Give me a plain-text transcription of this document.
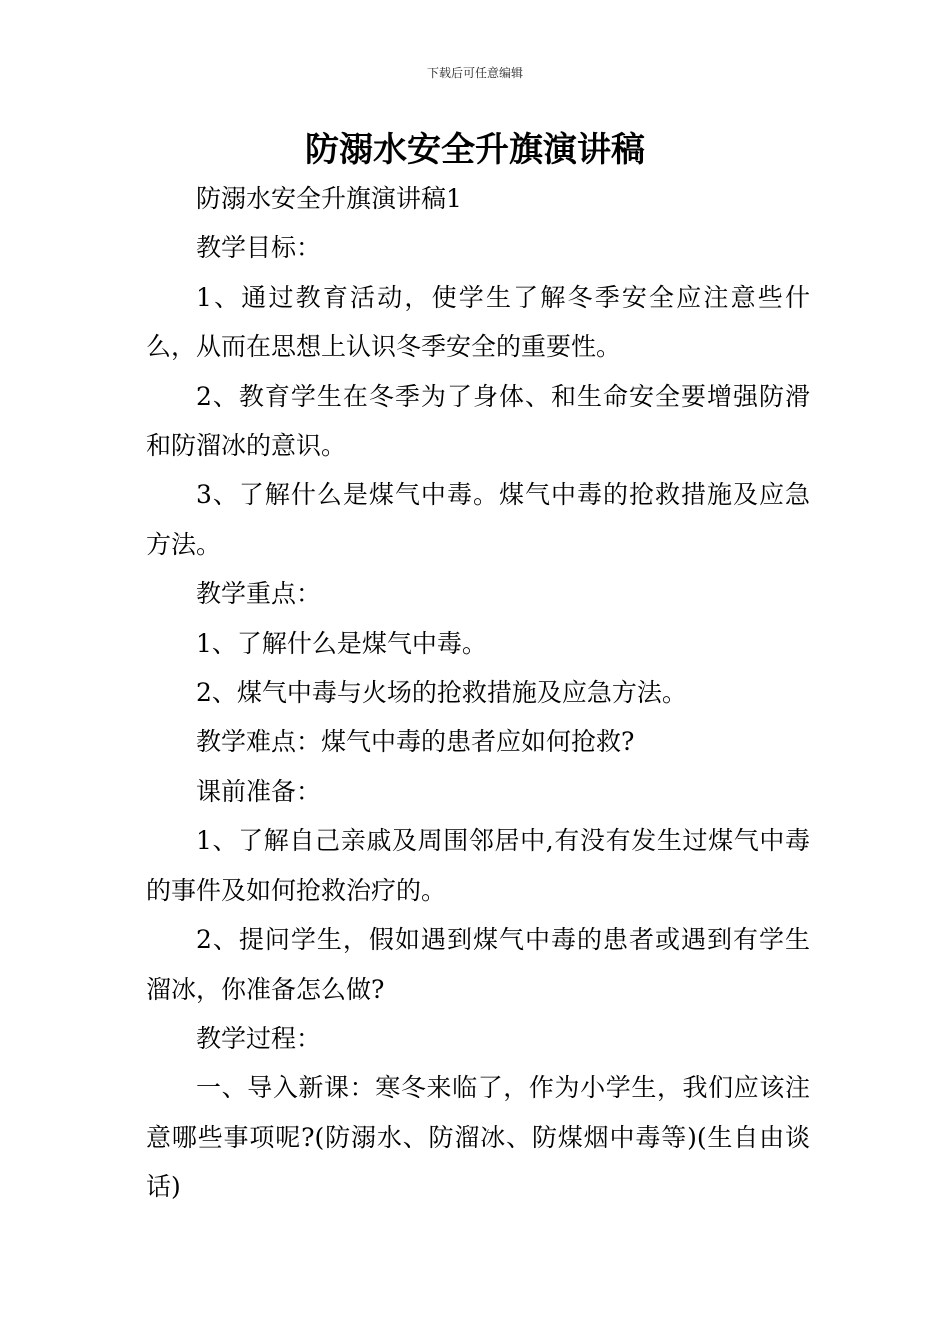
下载后可任意编辑
防溺水安全升旗演讲稿

防溺水安全升旗演讲稿1

教学目标：

1、通过教育活动，使学生了解冬季安全应注意些什么，从而在思想上认识冬季安全的重要性。

2、教育学生在冬季为了身体、和生命安全要增强防滑和防溜冰的意识。

3、了解什么是煤气中毒。煤气中毒的抢救措施及应急方法。

教学重点：

1、了解什么是煤气中毒。

2、煤气中毒与火场的抢救措施及应急方法。

教学难点：煤气中毒的患者应如何抢救?

课前准备：

1、了解自己亲戚及周围邻居中,有没有发生过煤气中毒的事件及如何抢救治疗的。

2、提问学生，假如遇到煤气中毒的患者或遇到有学生溜冰，你准备怎么做?

教学过程：

一、导入新课：寒冬来临了，作为小学生，我们应该注意哪些事项呢?(防溺水、防溜冰、防煤烟中毒等)(生自由谈话)
